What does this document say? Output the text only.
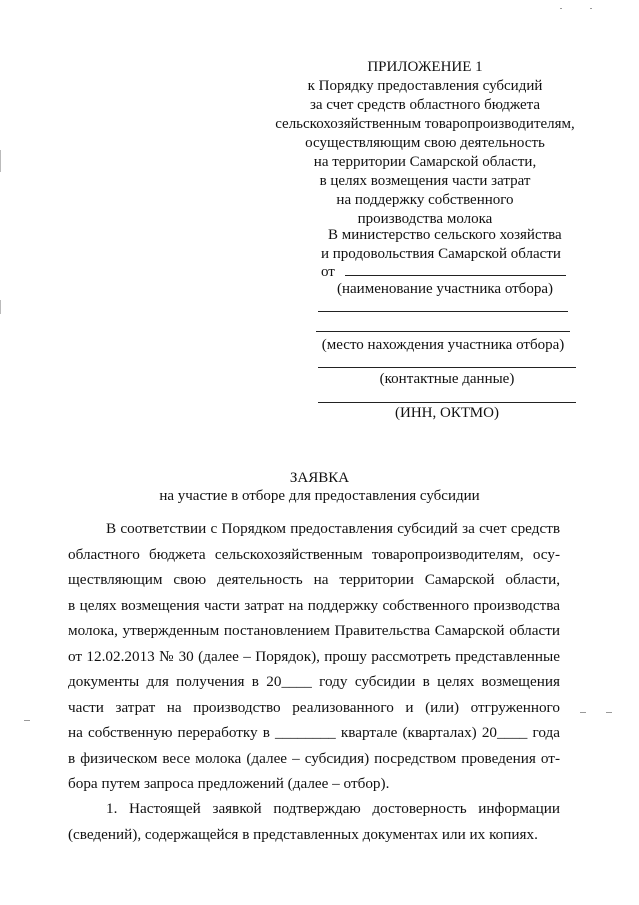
ПРИЛОЖЕНИЕ 1
к Порядку предоставления субсидий
за счет средств областного бюджета
сельскохозяйственным товаропроизводителям,
осуществляющим свою деятельность
на территории Самарской области,
в целях возмещения части затрат
на поддержку собственного
производства молока
В министерство сельского хозяйства
и продовольствия Самарской области
от
(наименование участника отбора)
(место нахождения участника отбора)
(контактные данные)
(ИНН, ОКТМО)
ЗАЯВКА
на участие в отборе для предоставления субсидии
В соответствии с Порядком предоставления субсидий за счет средств
областного бюджета сельскохозяйственным товаропроизводителям, осу-
ществляющим свою деятельность на территории Самарской области,
в целях возмещения части затрат на поддержку собственного производства
молока, утвержденным постановлением Правительства Самарской области
от 12.02.2013 № 30 (далее – Порядок), прошу рассмотреть представленные
документы для получения в 20____ году субсидии в целях возмещения
части затрат на производство реализованного и (или) отгруженного
на собственную переработку в ________ квартале (кварталах) 20____ года
в физическом весе молока (далее – субсидия) посредством проведения от-
бора путем запроса предложений (далее – отбор).
1. Настоящей заявкой подтверждаю достоверность информации
(сведений), содержащейся в представленных документах или их копиях.
